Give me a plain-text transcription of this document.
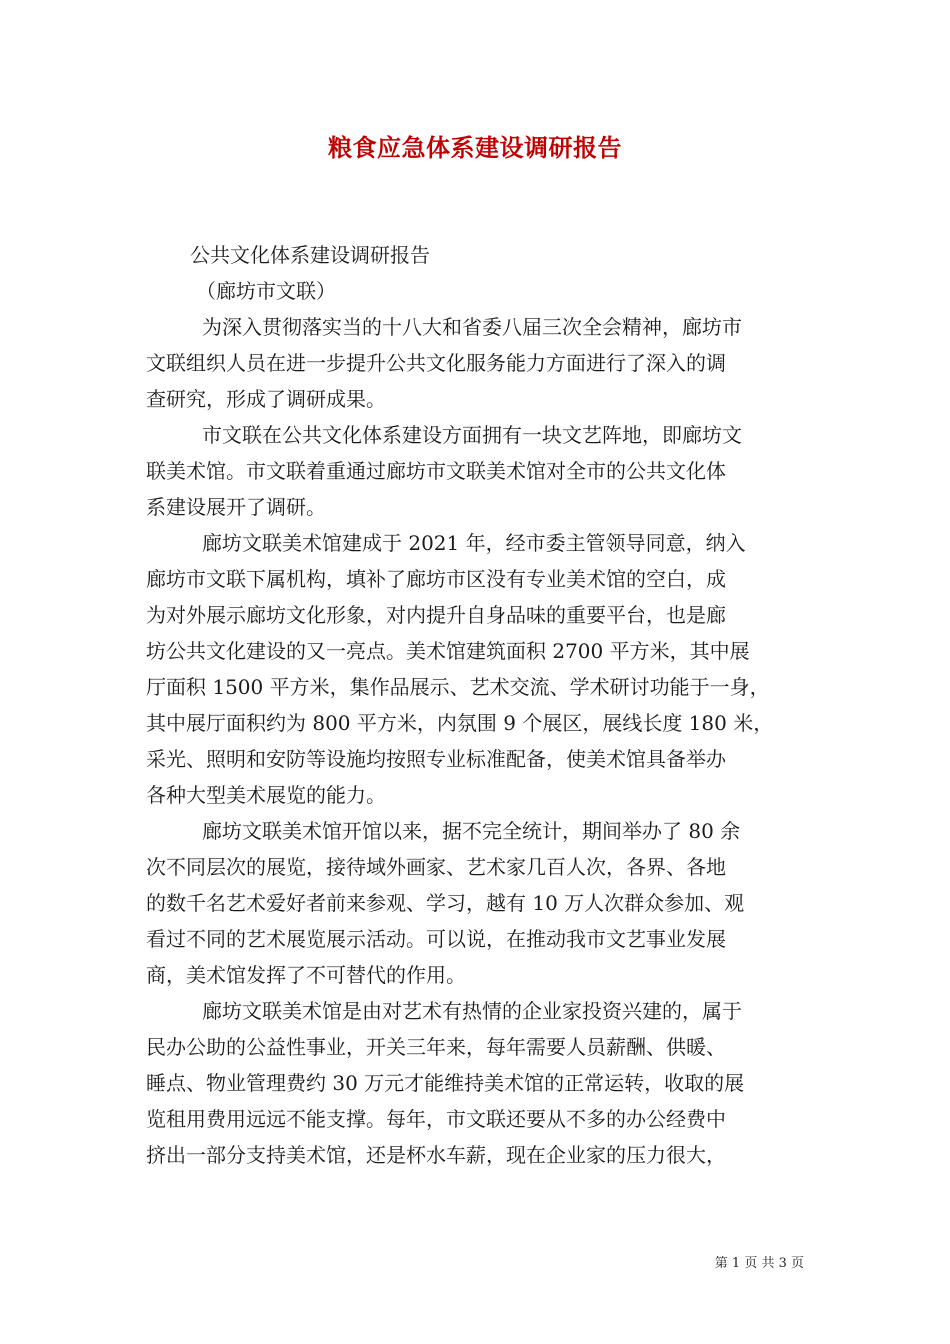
粮食应急体系建设调研报告
公共文化体系建设调研报告
（廊坊市文联）
为深入贯彻落实当的十八大和省委八届三次全会精神，廊坊市
文联组织人员在进一步提升公共文化服务能力方面进行了深入的调
查研究，形成了调研成果。
市文联在公共文化体系建设方面拥有一块文艺阵地，即廊坊文
联美术馆。市文联着重通过廊坊市文联美术馆对全市的公共文化体
系建设展开了调研。
廊坊文联美术馆建成于 2021 年，经市委主管领导同意，纳入
廊坊市文联下属机构，填补了廊坊市区没有专业美术馆的空白，成
为对外展示廊坊文化形象，对内提升自身品味的重要平台，也是廊
坊公共文化建设的又一亮点。美术馆建筑面积 2700 平方米，其中展
厅面积 1500 平方米，集作品展示、艺术交流、学术研讨功能于一身，
其中展厅面积约为 800 平方米，内氛围 9 个展区，展线长度 180 米，
采光、照明和安防等设施均按照专业标准配备，使美术馆具备举办
各种大型美术展览的能力。
廊坊文联美术馆开馆以来，据不完全统计，期间举办了 80 余
次不同层次的展览，接待域外画家、艺术家几百人次，各界、各地
的数千名艺术爱好者前来参观、学习，越有 10 万人次群众参加、观
看过不同的艺术展览展示活动。可以说，在推动我市文艺事业发展
商，美术馆发挥了不可替代的作用。
廊坊文联美术馆是由对艺术有热情的企业家投资兴建的，属于
民办公助的公益性事业，开关三年来，每年需要人员薪酬、供暖、
睡点、物业管理费约 30 万元才能维持美术馆的正常运转，收取的展
览租用费用远远不能支撑。每年，市文联还要从不多的办公经费中
挤出一部分支持美术馆，还是杯水车薪，现在企业家的压力很大，
第 1 页 共 3 页
